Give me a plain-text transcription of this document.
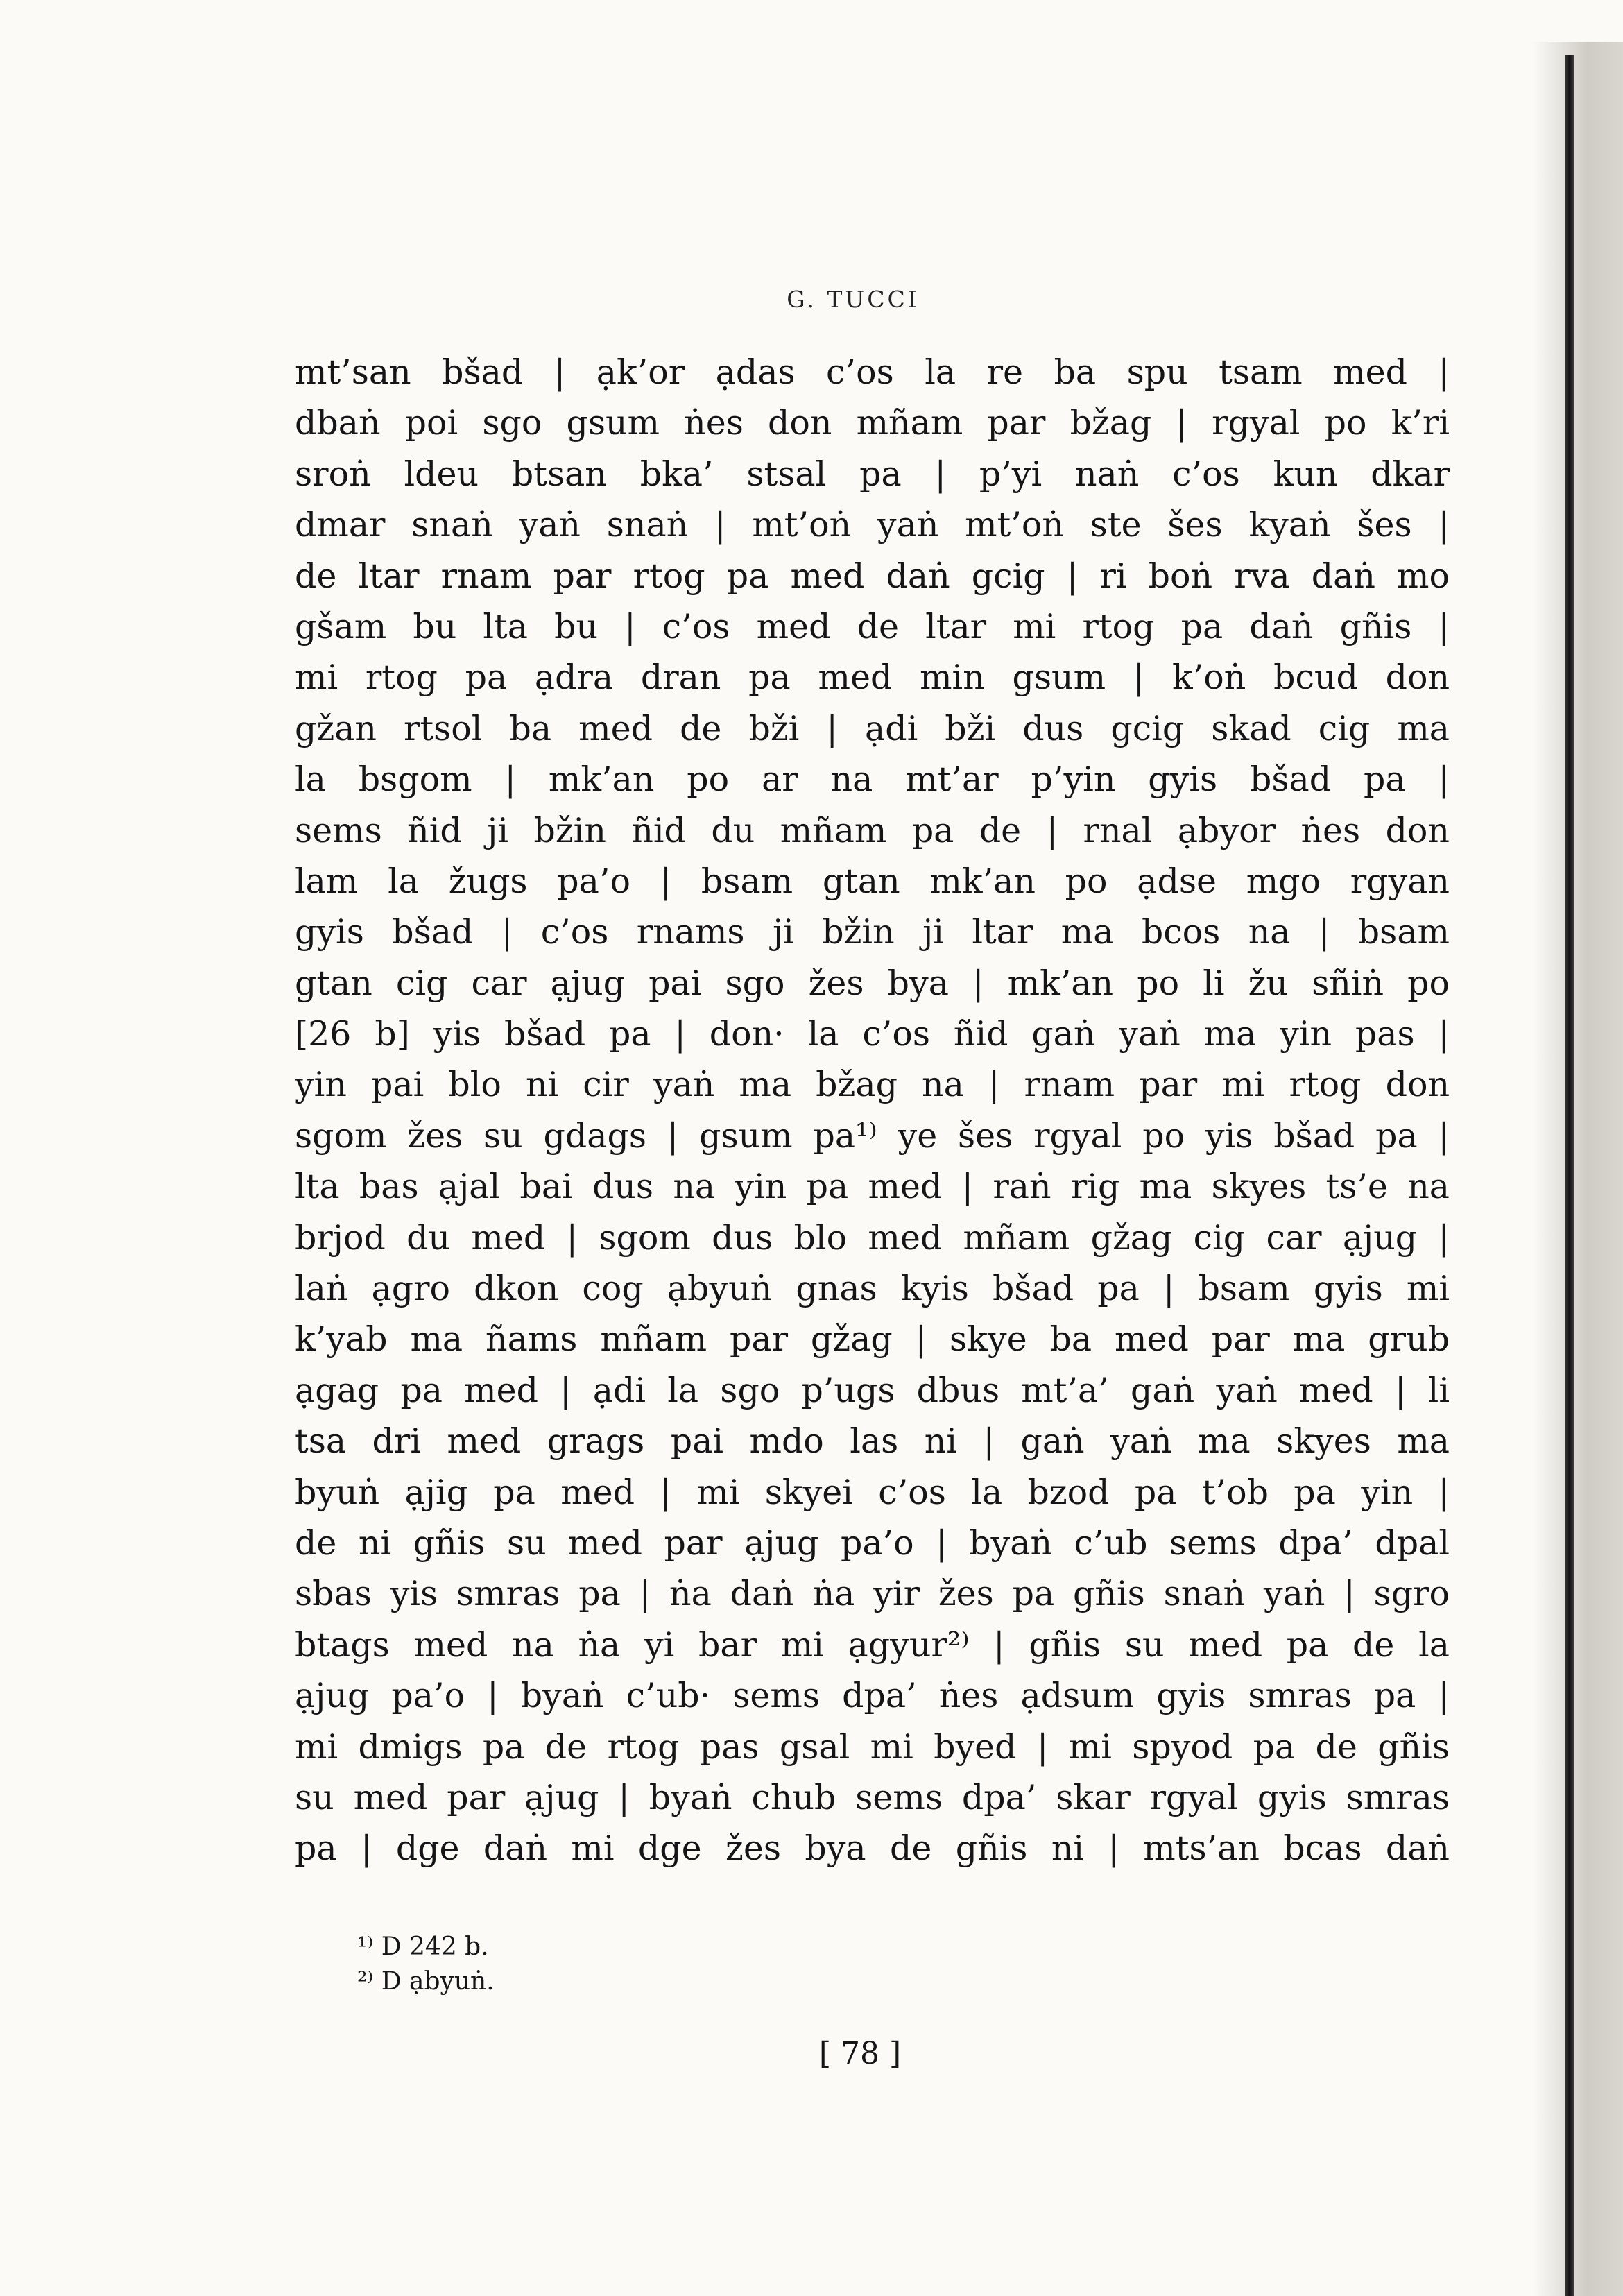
G. TUCCI
mt’san bšad | ạk’or ạdas c’os la re ba spu tsam med |
dbaṅ poi sgo gsum ṅes don mñam par bžag | rgyal po k’ri
sroṅ ldeu btsan bka’ stsal pa | p’yi naṅ c’os kun dkar
dmar snaṅ yaṅ snaṅ | mt’oṅ yaṅ mt’oṅ ste šes kyaṅ šes |
de ltar rnam par rtog pa med daṅ gcig | ri boṅ rva daṅ mo
gšam bu lta bu | c’os med de ltar mi rtog pa daṅ gñis |
mi rtog pa ạdra dran pa med min gsum | k’oṅ bcud don
gžan rtsol ba med de bži | ạdi bži dus gcig skad cig ma
la bsgom | mk’an po ar na mt’ar p’yin gyis bšad pa |
sems ñid ji bžin ñid du mñam pa de | rnal ạbyor ṅes don
lam la žugs pa’o | bsam gtan mk’an po ạdse mgo rgyan
gyis bšad | c’os rnams ji bžin ji ltar ma bcos na | bsam
gtan cig car ạjug pai sgo žes bya | mk’an po li žu sñiṅ po
[26 b] yis bšad pa | don· la c’os ñid gaṅ yaṅ ma yin pas |
yin pai blo ni cir yaṅ ma bžag na | rnam par mi rtog don
sgom žes su gdags | gsum pa¹⁾ ye šes rgyal po yis bšad pa |
lta bas ạjal bai dus na yin pa med | raṅ rig ma skyes ts’e na
brjod du med | sgom dus blo med mñam gžag cig car ạjug |
laṅ ạgro dkon cog ạbyuṅ gnas kyis bšad pa | bsam gyis mi
k’yab ma ñams mñam par gžag | skye ba med par ma grub
ạgag pa med | ạdi la sgo p’ugs dbus mt’a’ gaṅ yaṅ med | li
tsa dri med grags pai mdo las ni | gaṅ yaṅ ma skyes ma
byuṅ ạjig pa med | mi skyei c’os la bzod pa t’ob pa yin |
de ni gñis su med par ạjug pa’o | byaṅ c’ub sems dpa’ dpal
sbas yis smras pa | ṅa daṅ ṅa yir žes pa gñis snaṅ yaṅ | sgro
btags med na ṅa yi bar mi ạgyur²⁾ | gñis su med pa de la
ạjug pa’o | byaṅ c’ub· sems dpa’ ṅes ạdsum gyis smras pa |
mi dmigs pa de rtog pas gsal mi byed | mi spyod pa de gñis
su med par ạjug | byaṅ chub sems dpa’ skar rgyal gyis smras
pa | dge daṅ mi dge žes bya de gñis ni | mts’an bcas daṅ
¹⁾ D 242 b.
²⁾ D ạbyuṅ.
[ 78 ]
